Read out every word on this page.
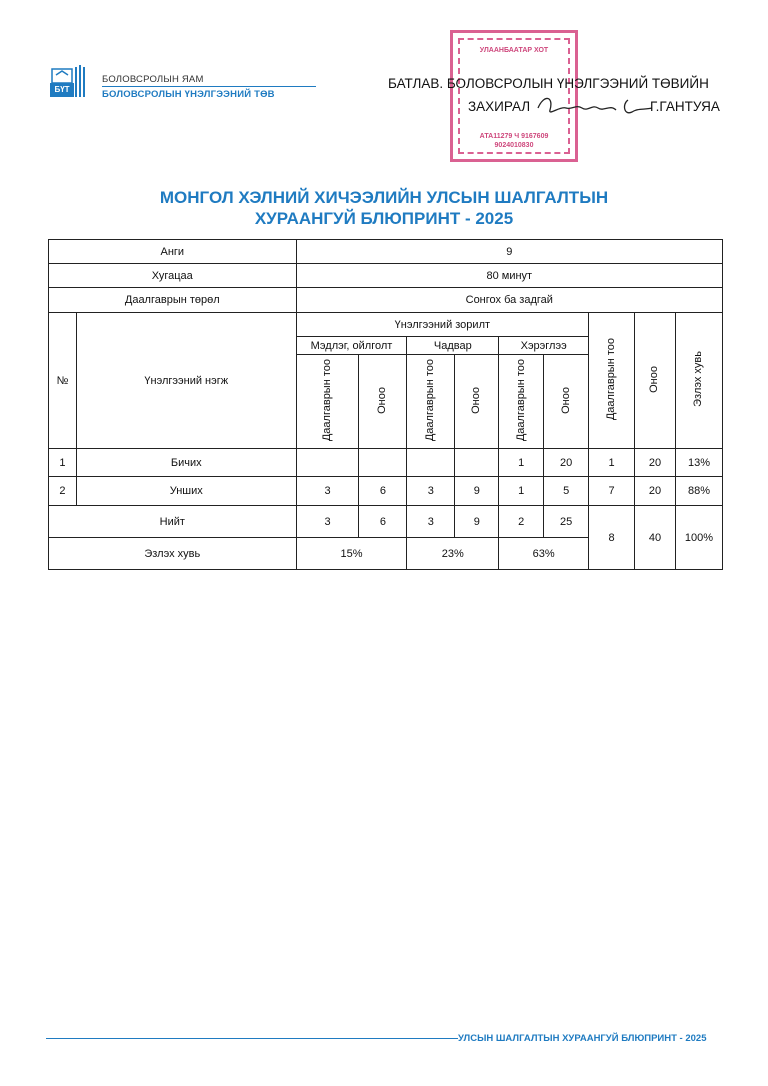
БҮТ
БОЛОВСРОЛЫН ЯАМ
БОЛОВСРОЛЫН ҮНЭЛГЭЭНИЙ ТӨВ
УЛААНБААТАР ХОТ
АТА11279 Ч 9167609
9024010830
БАТЛАВ. БОЛОВСРОЛЫН ҮНЭЛГЭЭНИЙ ТӨВИЙН
ЗАХИРАЛ	Г.ГАНТУЯА
МОНГОЛ ХЭЛНИЙ ХИЧЭЭЛИЙН УЛСЫН ШАЛГАЛТЫН
ХУРААНГУЙ БЛЮПРИНТ - 2025
Анги		9								
Хугацаа		80 минут								
Даалгаврын төрөл		Сонгох ба задгай								
№	Үнэлгээний нэгж	Үнэлгээний зорилт						Даалгаврын тоо	Оноо	Эзлэх хувь
		Мэдлэг, ойлголт		Чадвар		Хэрэглээ				
		Даалгаврын тоо	Оноо	Даалгаврын тоо	Оноо	Даалгаврын тоо	Оноо			
1	Бичих					1	20	1	20	13%
2	Унших	3	6	3	9	1	5	7	20	88%
Нийт		3	6	3	9	2	25	8	40	100%
Эзлэх хувь		15%		23%		63%				
УЛСЫН ШАЛГАЛТЫН ХУРААНГУЙ БЛЮПРИНТ - 2025
